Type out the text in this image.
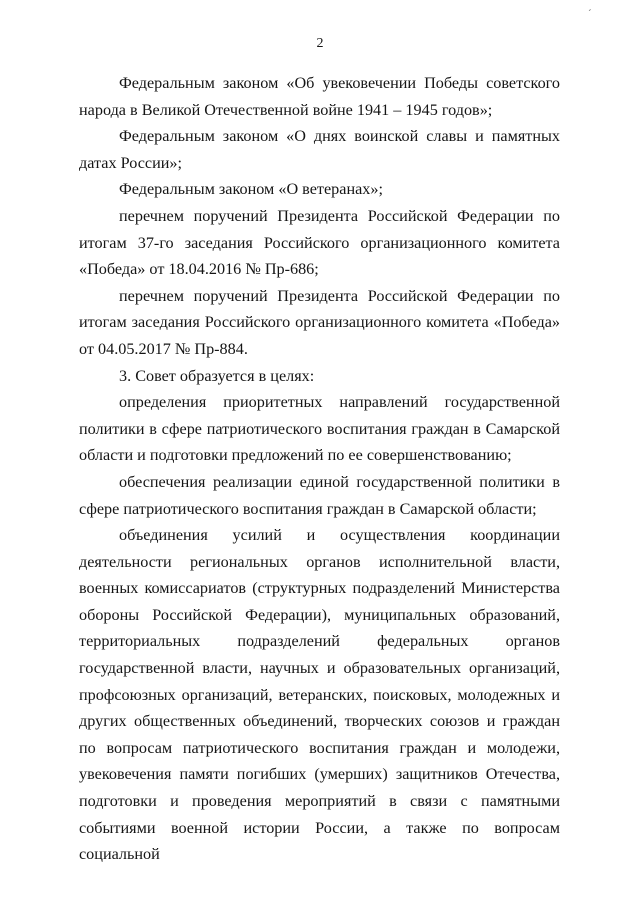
´
2

Федеральным законом «Об увековечении Победы советского народа в Великой Отечественной войне 1941 – 1945 годов»;

Федеральным законом «О днях воинской славы и памятных датах России»;

Федеральным законом «О ветеранах»;

перечнем поручений Президента Российской Федерации по итогам 37-го заседания Российского организационного комитета «Победа» от 18.04.2016 № Пр-686;

перечнем поручений Президента Российской Федерации по итогам заседания Российского организационного комитета «Победа» от 04.05.2017 № Пр-884.

3. Совет образуется в целях:

определения приоритетных направлений государственной политики в сфере патриотического воспитания граждан в Самарской области и подготовки предложений по ее совершенствованию;

обеспечения реализации единой государственной политики в сфере патриотического воспитания граждан в Самарской области;

объединения усилий и осуществления координации деятельности региональных органов исполнительной власти, военных комиссариатов (структурных подразделений Министерства обороны Российской Федерации), муниципальных образований, территориальных подразделений федеральных органов государственной власти, научных и образовательных организаций, профсоюзных организаций, ветеранских, поисковых, молодежных и других общественных объединений, творческих союзов и граждан по вопросам патриотического воспитания граждан и молодежи, увековечения памяти погибших (умерших) защитников Отечества, подготовки и проведения мероприятий в связи с памятными событиями военной истории России, а также по вопросам социальной
